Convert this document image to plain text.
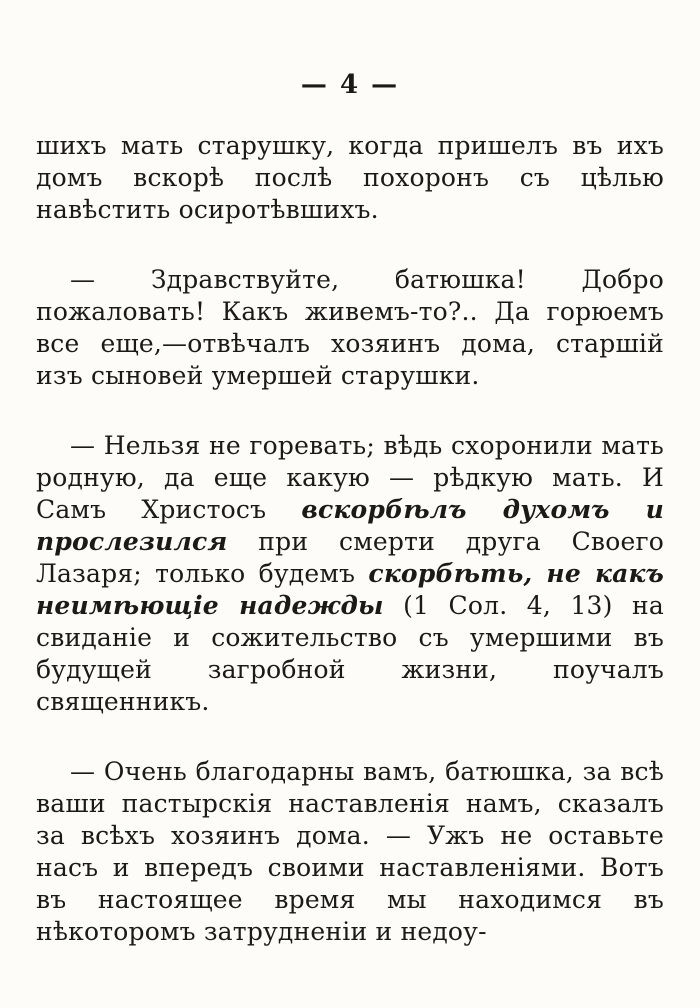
— 4 —

шихъ мать старушку, когда пришелъ въ ихъ домъ вскорѣ послѣ похоронъ съ цѣлью навѣстить осиротѣвшихъ.

— Здравствуйте, батюшка! Добро пожаловать! Какъ живемъ-то?.. Да горюемъ все еще,—отвѣчалъ хозяинъ дома, старшій изъ сыновей умершей старушки.

— Нельзя не горевать; вѣдь схоронили мать родную, да еще какую — рѣдкую мать. И Самъ Христосъ вскорбѣлъ духомъ и прослезился при смерти друга Своего Лазаря; только будемъ скорбѣть, не какъ неимѣющіе надежды (1 Сол. 4, 13) на свиданіе и сожительство съ умершими въ будущей загробной жизни, поучалъ священникъ.

— Очень благодарны вамъ, батюшка, за всѣ ваши пастырскія наставленія намъ, сказалъ за всѣхъ хозяинъ дома. — Ужъ не оставьте насъ и впередъ своими наставленіями. Вотъ въ настоящее время мы находимся въ нѣкоторомъ затрудненіи и недоу-
